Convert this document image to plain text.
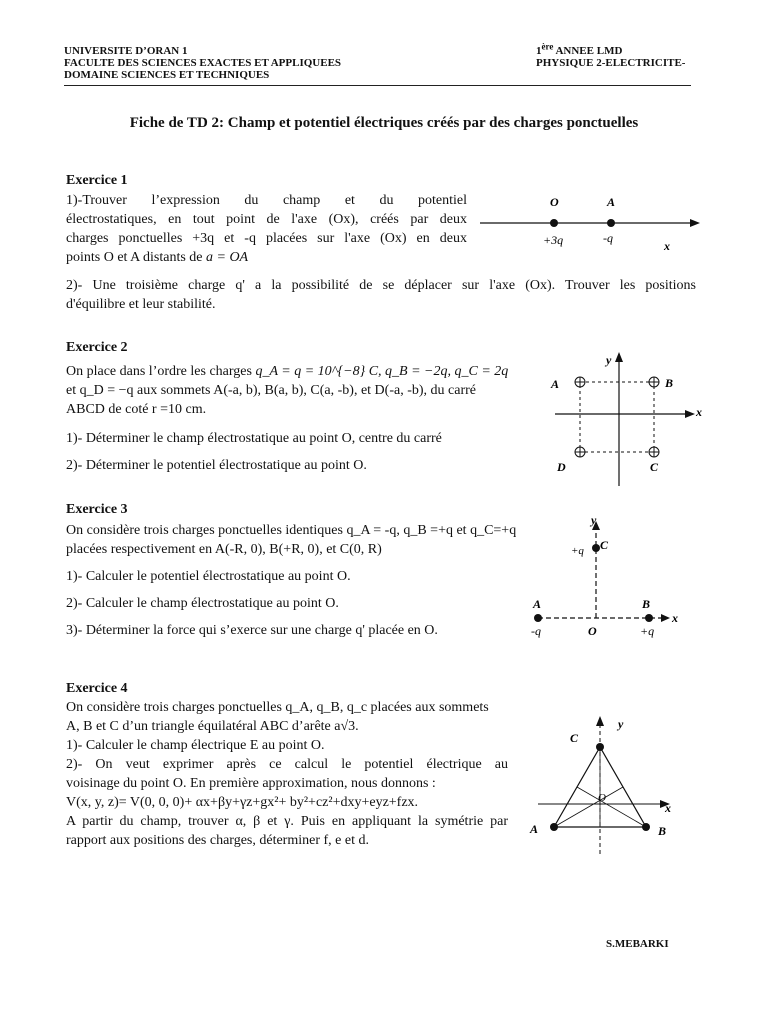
UNIVERSITE D’ORAN 1
FACULTE DES SCIENCES EXACTES ET APPLIQUEES
DOMAINE SCIENCES ET TECHNIQUES
1ère ANNEE LMD
PHYSIQUE 2-ELECTRICITE-
Fiche de TD 2: Champ et potentiel électriques créés par des charges ponctuelles
Exercice 1
1)-Trouver l’expression du champ et du potentiel
électrostatiques, en tout point de l'axe (Ox), créés par deux
charges ponctuelles +3q et -q placées sur l'axe (Ox) en deux
points O et A distants de a = OA
2)- Une troisième charge q' a la possibilité de se déplacer sur l'axe (Ox). Trouver les positions
d'équilibre et leur stabilité.
O	A
+3q	-q
x
Exercice 2
On place dans l’ordre les charges q_A = q = 10^{−8} C, q_B = −2q, q_C = 2q
et q_D = −q aux sommets A(-a, b), B(a, b), C(a, -b), et D(-a, -b), du carré
ABCD de coté r =10 cm.
1)- Déterminer le champ électrostatique au point O, centre du carré
2)- Déterminer le potentiel électrostatique au point O.
A	B
C
D
x
y
Exercice 3
On considère trois charges ponctuelles identiques q_A = -q, q_B =+q et q_C=+q
placées respectivement en A(-R, 0), B(+R, 0), et C(0, R)
1)- Calculer le potentiel électrostatique au point O.
2)- Calculer le champ électrostatique au point O.
3)- Déterminer la force qui s’exerce sur une charge q' placée en O.
y
+q C
A	B
-q	O	+q
x
Exercice 4
On considère trois charges ponctuelles q_A, q_B, q_c placées aux sommets
A, B et C d’un triangle équilatéral ABC d’arête a√3.
1)- Calculer le champ électrique E au point O.
2)- On veut exprimer après ce calcul le potentiel électrique au
voisinage du point O. En première approximation, nous donnons :
V(x, y, z)= V(0, 0, 0)+ αx+βy+γz+gx²+ by²+cz²+dxy+eyz+fzx.
A partir du champ, trouver α, β et γ. Puis en appliquant la symétrie par
rapport aux positions des charges, déterminer f, e et d.
C
y
O
x
A	B
S.MEBARKI
